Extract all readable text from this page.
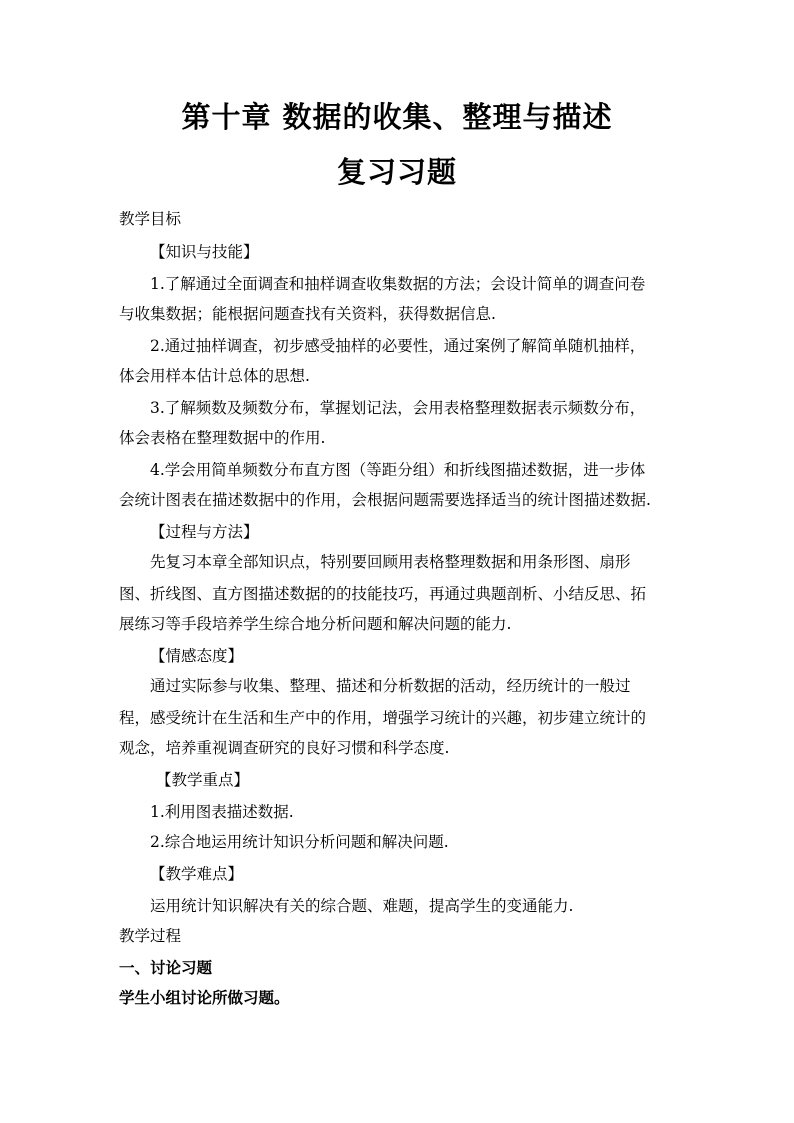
第十章 数据的收集、整理与描述
复习习题
教学目标
【知识与技能】
1.了解通过全面调查和抽样调查收集数据的方法；会设计简单的调查问卷
与收集数据；能根据问题查找有关资料，获得数据信息.
2.通过抽样调查，初步感受抽样的必要性，通过案例了解简单随机抽样，
体会用样本估计总体的思想.
3.了解频数及频数分布，掌握划记法，会用表格整理数据表示频数分布，
体会表格在整理数据中的作用.
4.学会用简单频数分布直方图（等距分组）和折线图描述数据，进一步体
会统计图表在描述数据中的作用，会根据问题需要选择适当的统计图描述数据.
【过程与方法】
先复习本章全部知识点，特别要回顾用表格整理数据和用条形图、扇形
图、折线图、直方图描述数据的的技能技巧，再通过典题剖析、小结反思、拓
展练习等手段培养学生综合地分析问题和解决问题的能力.
【情感态度】
通过实际参与收集、整理、描述和分析数据的活动，经历统计的一般过
程，感受统计在生活和生产中的作用，增强学习统计的兴趣，初步建立统计的
观念，培养重视调查研究的良好习惯和科学态度.
【教学重点】
1.利用图表描述数据.
2.综合地运用统计知识分析问题和解决问题.
【教学难点】
运用统计知识解决有关的综合题、难题，提高学生的变通能力.
教学过程
一、讨论习题
学生小组讨论所做习题。
